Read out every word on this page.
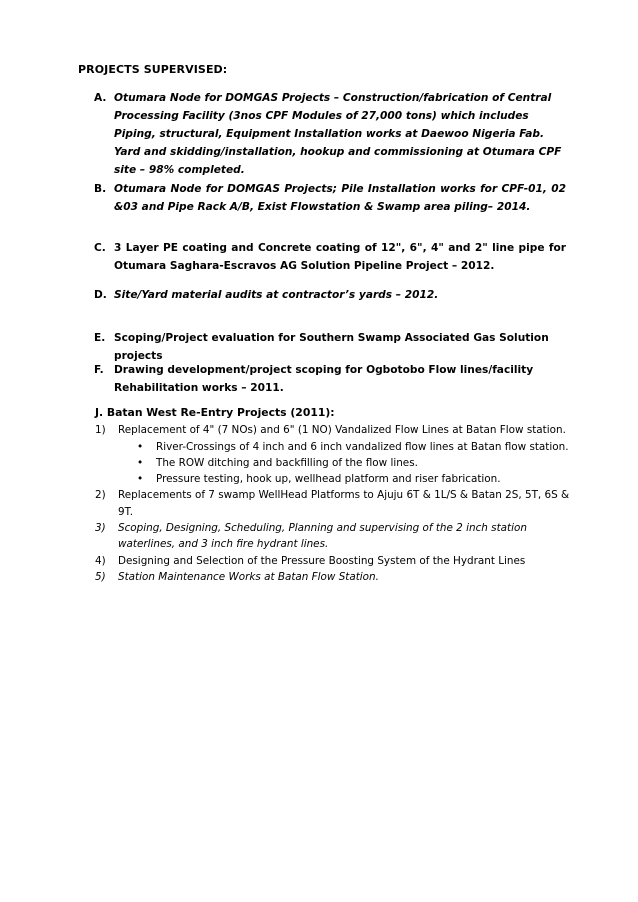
PROJECTS SUPERVISED:
A. Otumara Node for DOMGAS Projects – Construction/fabrication of Central Processing Facility (3nos CPF Modules of 27,000 tons) which includes Piping, structural, Equipment Installation works at Daewoo Nigeria Fab. Yard and skidding/installation, hookup and commissioning at Otumara CPF site – 98% completed.
B. Otumara Node for DOMGAS Projects; Pile Installation works for CPF-01, 02 &03 and Pipe Rack A/B, Exist Flowstation & Swamp area piling– 2014.
C. 3 Layer PE coating and Concrete coating of 12", 6", 4" and 2" line pipe for Otumara Saghara-Escravos AG Solution Pipeline Project – 2012.
D. Site/Yard material audits at contractor’s yards – 2012.
E. Scoping/Project evaluation for Southern Swamp Associated Gas Solution projects
F. Drawing development/project scoping for Ogbotobo Flow lines/facility Rehabilitation works – 2011.
J. Batan West Re-Entry Projects (2011):
1) Replacement of 4" (7 NOs) and 6" (1 NO) Vandalized Flow Lines at Batan Flow station.
• River-Crossings of 4 inch and 6 inch vandalized flow lines at Batan flow station.
• The ROW ditching and backfilling of the flow lines.
• Pressure testing, hook up, wellhead platform and riser fabrication.
2) Replacements of 7 swamp WellHead Platforms to Ajuju 6T & 1L/S & Batan 2S, 5T, 6S & 9T.
3) Scoping, Designing, Scheduling, Planning and supervising of the 2 inch station waterlines, and 3 inch fire hydrant lines.
4) Designing and Selection of the Pressure Boosting System of the Hydrant Lines
5) Station Maintenance Works at Batan Flow Station.
